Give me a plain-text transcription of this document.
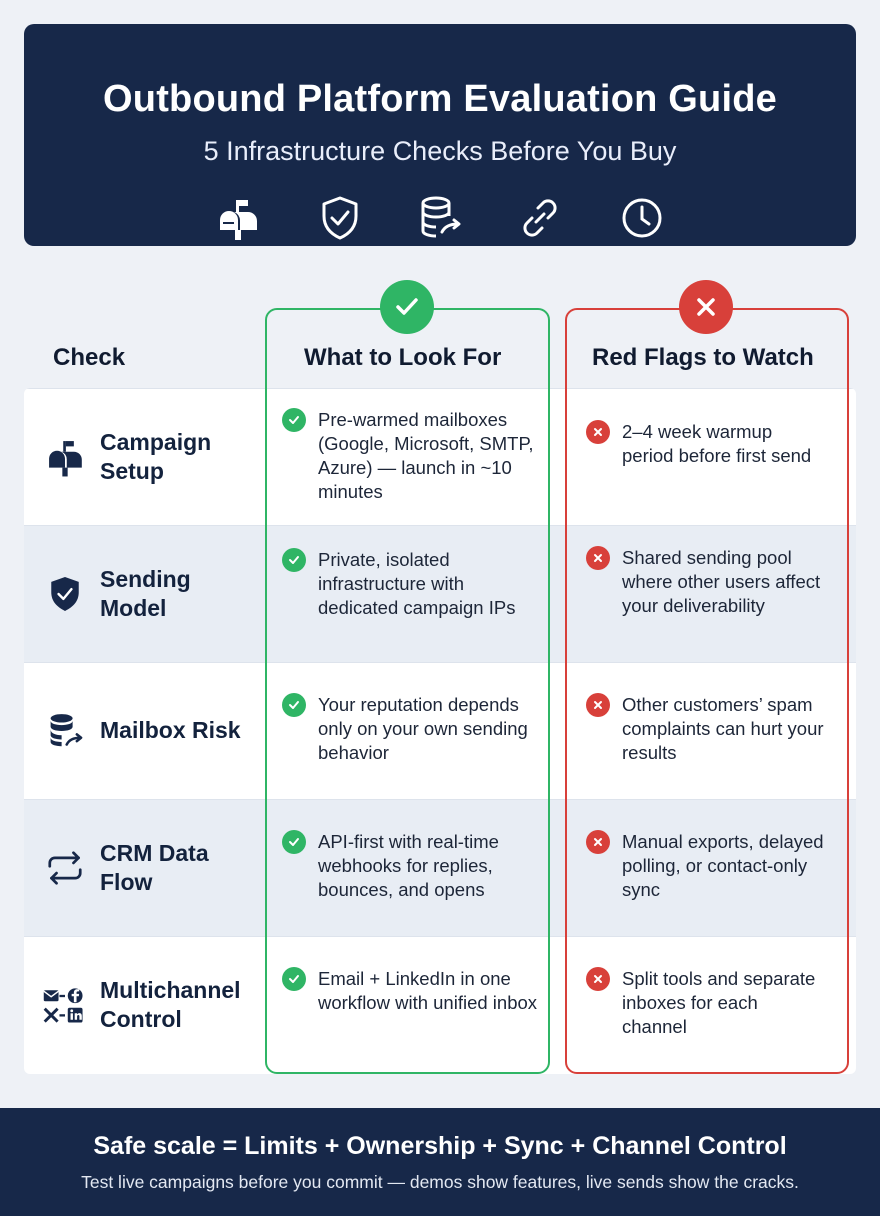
Outbound Platform Evaluation Guide
5 Infrastructure Checks Before You Buy
Check	What to Look For	Red Flags to Watch
Campaign Setup
Pre-warmed mailboxes (Google, Microsoft, SMTP, Azure) — launch in ~10 minutes
2–4 week warmup period before first send
Sending Model
Private, isolated infrastructure with dedicated campaign IPs
Shared sending pool where other users affect your deliverability
Mailbox Risk
Your reputation depends only on your own sending behavior
Other customers’ spam complaints can hurt your results
CRM Data Flow
API-first with real-time webhooks for replies, bounces, and opens
Manual exports, delayed polling, or contact-only sync
Multichannel Control
Email + LinkedIn in one workflow with unified inbox
Split tools and separate inboxes for each channel
Safe scale = Limits + Ownership + Sync + Channel Control
Test live campaigns before you commit — demos show features, live sends show the cracks.
